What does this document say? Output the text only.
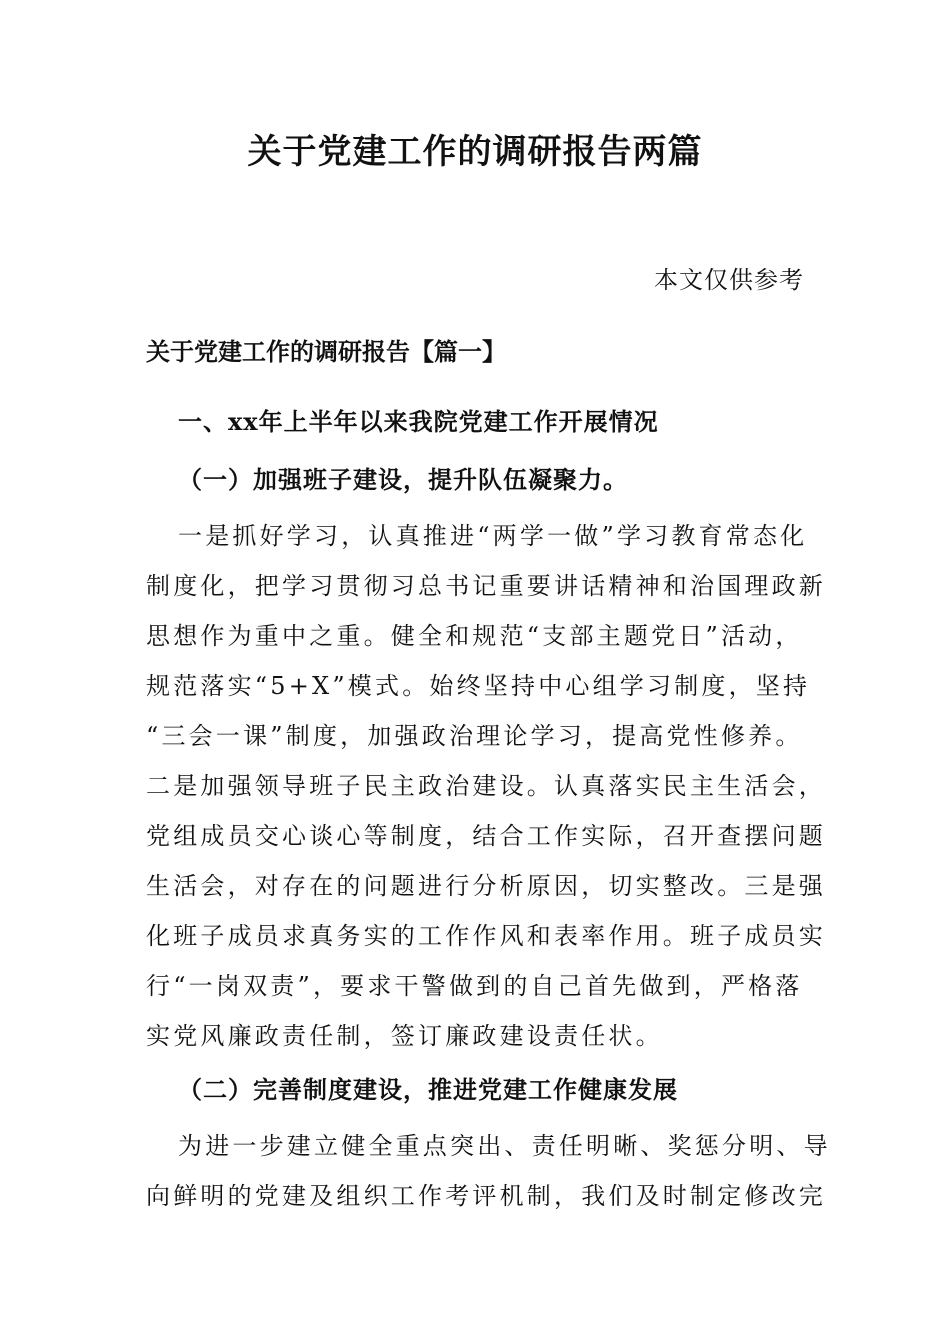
关于党建工作的调研报告两篇
本文仅供参考
关于党建工作的调研报告【篇一】
一、xx年上半年以来我院党建工作开展情况
（一）加强班子建设，提升队伍凝聚力。
一是抓好学习，认真推进“两学一做”学习教育常态化
制度化，把学习贯彻习总书记重要讲话精神和治国理政新
思想作为重中之重。健全和规范“支部主题党日”活动，
规范落实“5+X”模式。始终坚持中心组学习制度，坚持
“三会一课”制度，加强政治理论学习，提高党性修养。
二是加强领导班子民主政治建设。认真落实民主生活会，
党组成员交心谈心等制度，结合工作实际，召开查摆问题
生活会，对存在的问题进行分析原因，切实整改。三是强
化班子成员求真务实的工作作风和表率作用。班子成员实
行“一岗双责”，要求干警做到的自己首先做到，严格落
实党风廉政责任制，签订廉政建设责任状。
（二）完善制度建设，推进党建工作健康发展
为进一步建立健全重点突出、责任明晰、奖惩分明、导
向鲜明的党建及组织工作考评机制，我们及时制定修改完
